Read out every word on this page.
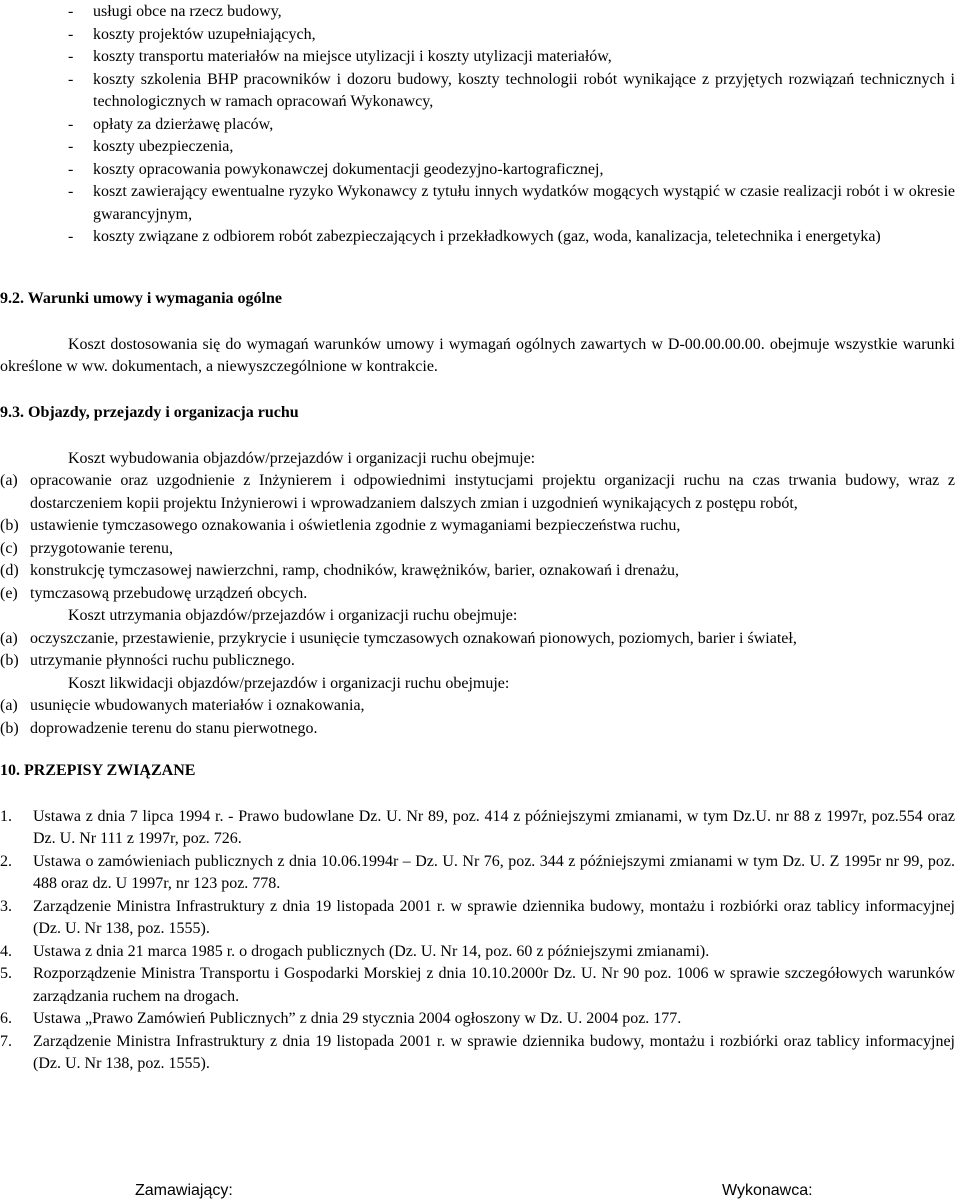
- usługi obce na rzecz budowy,
- koszty projektów uzupełniających,
- koszty transportu materiałów na miejsce utylizacji i koszty utylizacji materiałów,
- koszty szkolenia BHP pracowników i dozoru budowy, koszty technologii robót wynikające z przyjętych rozwiązań technicznych i technologicznych w ramach opracowań Wykonawcy,
- opłaty za dzierżawę placów,
- koszty ubezpieczenia,
- koszty opracowania powykonawczej dokumentacji geodezyjno-kartograficznej,
- koszt zawierający ewentualne ryzyko Wykonawcy z tytułu innych wydatków mogących wystąpić w czasie realizacji robót i w okresie gwarancyjnym,
- koszty związane z odbiorem robót zabezpieczających i przekładkowych (gaz, woda, kanalizacja, teletechnika i energetyka)
9.2. Warunki umowy i wymagania ogólne
Koszt dostosowania się do wymagań warunków umowy i wymagań ogólnych zawartych w D-00.00.00.00. obejmuje wszystkie warunki określone w ww. dokumentach, a niewyszczególnione w kontrakcie.
9.3. Objazdy, przejazdy i organizacja ruchu
Koszt wybudowania objazdów/przejazdów i organizacji ruchu obejmuje:
(a) opracowanie oraz uzgodnienie z Inżynierem i odpowiednimi instytucjami projektu organizacji ruchu na czas trwania budowy, wraz z dostarczeniem kopii projektu Inżynierowi i wprowadzaniem dalszych zmian i uzgodnień wynikających z postępu robót,
(b) ustawienie tymczasowego oznakowania i oświetlenia zgodnie z wymaganiami bezpieczeństwa ruchu,
(c) przygotowanie terenu,
(d) konstrukcję tymczasowej nawierzchni, ramp, chodników, krawężników, barier, oznakowań i drenażu,
(e) tymczasową przebudowę urządzeń obcych.
Koszt utrzymania objazdów/przejazdów i organizacji ruchu obejmuje:
(a) oczyszczanie, przestawienie, przykrycie i usunięcie tymczasowych oznakowań pionowych, poziomych, barier i świateł,
(b) utrzymanie płynności ruchu publicznego.
Koszt likwidacji objazdów/przejazdów i organizacji ruchu obejmuje:
(a) usunięcie wbudowanych materiałów i oznakowania,
(b) doprowadzenie terenu do stanu pierwotnego.
10. PRZEPISY ZWIĄZANE
1. Ustawa z dnia 7 lipca 1994 r. - Prawo budowlane Dz. U. Nr 89, poz. 414 z późniejszymi zmianami, w tym Dz.U. nr 88 z 1997r, poz.554 oraz Dz. U. Nr 111 z 1997r, poz. 726.
2. Ustawa o zamówieniach publicznych z dnia 10.06.1994r – Dz. U. Nr 76, poz. 344 z późniejszymi zmianami w tym Dz. U. Z 1995r nr 99, poz. 488 oraz dz. U 1997r, nr 123 poz. 778.
3. Zarządzenie Ministra Infrastruktury z dnia 19 listopada 2001 r. w sprawie dziennika budowy, montażu i rozbiórki oraz tablicy informacyjnej (Dz. U. Nr 138, poz. 1555).
4. Ustawa z dnia 21 marca 1985 r. o drogach publicznych (Dz. U. Nr 14, poz. 60 z późniejszymi zmianami).
5. Rozporządzenie Ministra Transportu i Gospodarki Morskiej z dnia 10.10.2000r Dz. U. Nr 90 poz. 1006 w sprawie szczegółowych warunków zarządzania ruchem na drogach.
6. Ustawa „Prawo Zamówień Publicznych” z dnia 29 stycznia 2004 ogłoszony w Dz. U. 2004 poz. 177.
7. Zarządzenie Ministra Infrastruktury z dnia 19 listopada 2001 r. w sprawie dziennika budowy, montażu i rozbiórki oraz tablicy informacyjnej (Dz. U. Nr 138, poz. 1555).
Zamawiający:	Wykonawca:
